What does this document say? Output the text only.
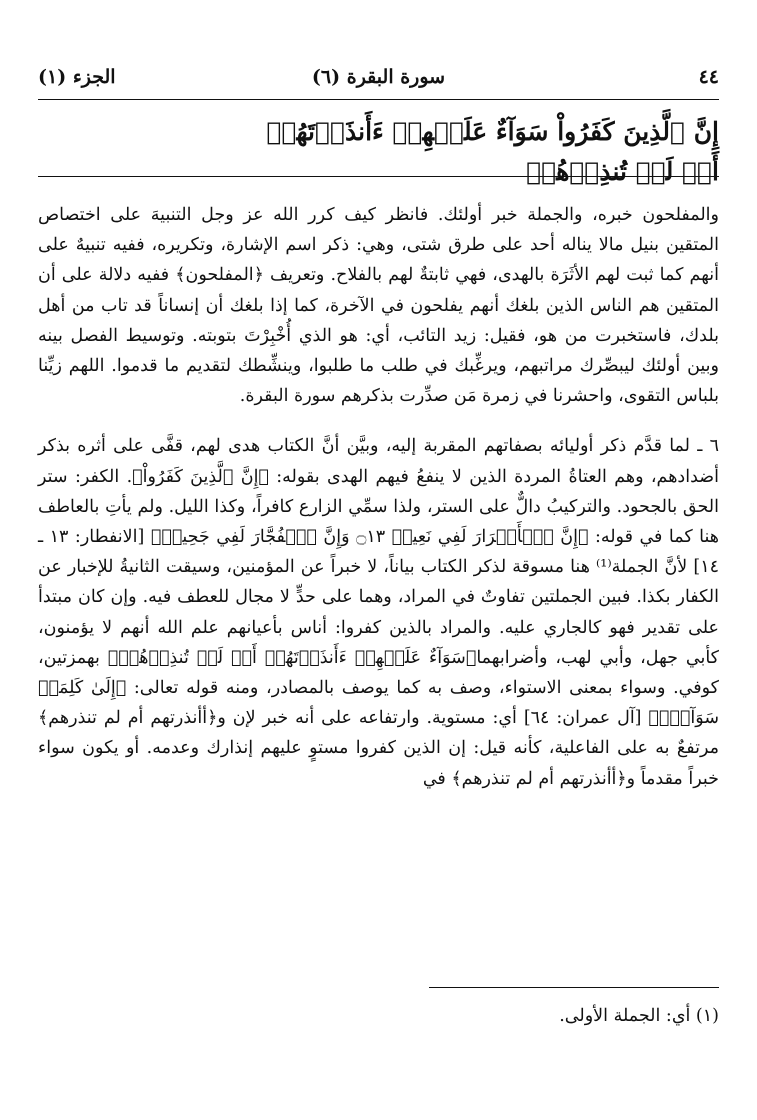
٤٤
سورة البقرة (٦)
الجزء (١)
إِنَّ ٱلَّذِينَ كَفَرُواْ سَوَآءٌ عَلَيۡهِمۡ ءَأَنذَرۡتَهُمۡ أَمۡ لَمۡ تُنذِرۡهُمۡ

والمفلحون خبره، والجملة خبر أولئك. فانظر كيف كرر الله عز وجل التنبيهَ على اختصاص المتقين بنيل مالا يناله أحد على طرق شتى، وهي: ذكر اسم الإشارة، وتكريره، ففيه تنبيهٌ على أنهم كما ثبت لهم الأثَرَة بالهدى، فهي ثابتةٌ لهم بالفلاح. وتعريف ﴿المفلحون﴾ ففيه دلالة على أن المتقين هم الناس الذين بلغك أنهم يفلحون في الآخرة، كما إذا بلغك أن إنساناً قد تاب من أهل بلدك، فاستخبرت من هو، فقيل: زيد التائب، أي: هو الذي أُخْبِرْتَ بتوبته. وتوسيط الفصل بينه وبين أولئك ليبصِّرك مراتبهم، ويرغِّبك في طلب ما طلبوا، وينشِّطك لتقديم ما قدموا. اللهم زيِّنا بلباس التقوى، واحشرنا في زمرة مَن صدِّرت بذكرهم سورة البقرة.

٦ ـ لما قدَّم ذكر أوليائه بصفاتهم المقربة إليه، وبيَّن أنَّ الكتاب هدى لهم، قفَّى على أثره بذكر أضدادهم، وهم العتاةُ المردة الذين لا ينفعُ فيهم الهدى بقوله: ﴿إِنَّ ٱلَّذِينَ كَفَرُواْ﴾. الكفر: ستر الحق بالجحود. والتركيبُ دالٌّ على الستر، ولذا سمِّي الزارع كافراً، وكذا الليل. ولم يأتِ بالعاطف هنا كما في قوله: ﴿إِنَّ ٱلۡأَبۡرَارَ لَفِي نَعِيمٖ ۝١٣ وَإِنَّ ٱلۡفُجَّارَ لَفِي جَحِيمٖ﴾ [الانفطار: ١٣ ـ ١٤] لأنَّ الجملة⁽¹⁾ هنا مسوقة لذكر الكتاب بياناً، لا خبراً عن المؤمنين، وسيقت الثانيةُ للإخبار عن الكفار بكذا. فبين الجملتين تفاوتٌ في المراد، وهما على حدٍّ لا مجال للعطف فيه. وإن كان مبتدأ على تقدير فهو كالجاري عليه. والمراد بالذين كفروا: أناس بأعيانهم علم الله أنهم لا يؤمنون، كأبي جهل، وأبي لهب، وأضرابهما﴿سَوَآءٌ عَلَيۡهِمۡ ءَأَنذَرۡتَهُمۡ أَمۡ لَمۡ تُنذِرۡهُمۡ﴾ بهمزتين، كوفي. وسواء بمعنى الاستواء، وصف به كما يوصف بالمصادر، ومنه قوله تعالى: ﴿إِلَىٰ كَلِمَةٖ سَوَآءِۭ﴾ [آل عمران: ٦٤] أي: مستوية. وارتفاعه على أنه خبر لإن و﴿أأنذرتهم أم لم تنذرهم﴾ مرتفعٌ به على الفاعلية، كأنه قيل: إن الذين كفروا مستوٍ عليهم إنذارك وعدمه. أو يكون سواء خبراً مقدماً و﴿أأنذرتهم أم لم تنذرهم﴾ في

(١) أي: الجملة الأولى.
